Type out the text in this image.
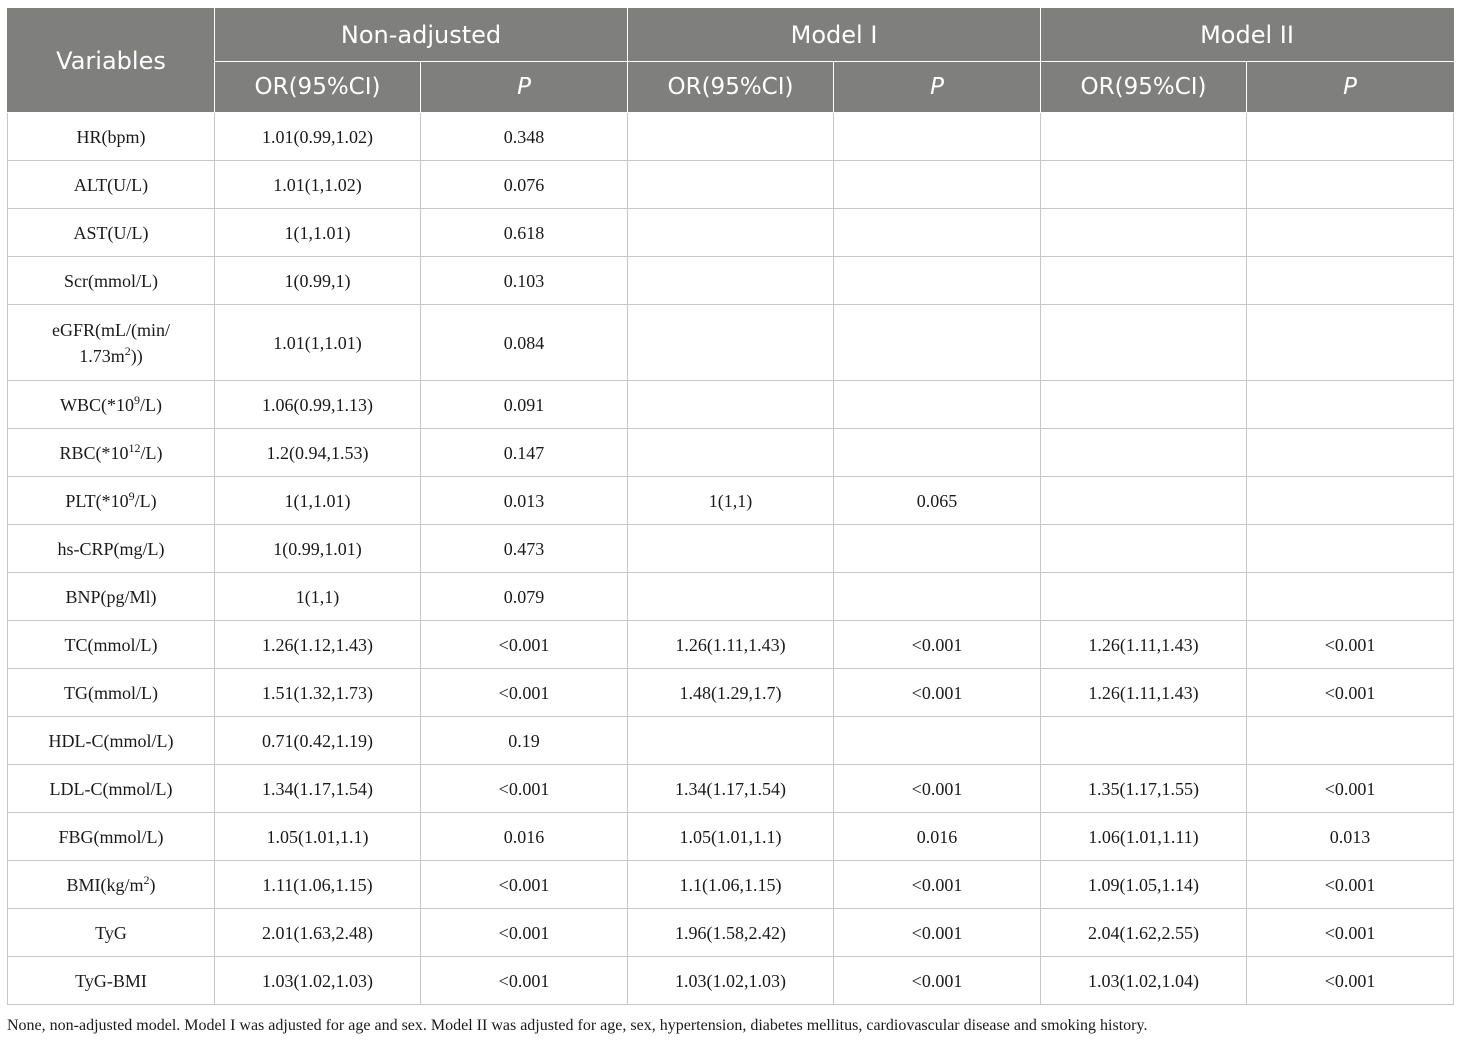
Variables	Non-adjusted		Model I		Model II	
	OR(95%CI)	P	OR(95%CI)	P	OR(95%CI)	P
HR(bpm)	1.01(0.99,1.02)	0.348				
ALT(U/L)	1.01(1,1.02)	0.076				
AST(U/L)	1(1,1.01)	0.618				
Scr(mmol/L)	1(0.99,1)	0.103				
eGFR(mL/(min/
$1.73m^2$))	1.01(1,1.01)	0.084				
$WBC(*10^9/L)$	1.06(0.99,1.13)	0.091				
$RBC(*10^{12}/L)$	1.2(0.94,1.53)	0.147				
$PLT(*10^9/L)$	1(1,1.01)	0.013	1(1,1)	0.065		
hs-CRP(mg/L)	1(0.99,1.01)	0.473				
BNP(pg/Ml)	1(1,1)	0.079				
TC(mmol/L)	1.26(1.12,1.43)	<0.001	1.26(1.11,1.43)	<0.001	1.26(1.11,1.43)	<0.001
TG(mmol/L)	1.51(1.32,1.73)	<0.001	1.48(1.29,1.7)	<0.001	1.26(1.11,1.43)	<0.001
HDL-C(mmol/L)	0.71(0.42,1.19)	0.19				
LDL-C(mmol/L)	1.34(1.17,1.54)	<0.001	1.34(1.17,1.54)	<0.001	1.35(1.17,1.55)	<0.001
FBG(mmol/L)	1.05(1.01,1.1)	0.016	1.05(1.01,1.1)	0.016	1.06(1.01,1.11)	0.013
$BMI(kg/m^2)$	1.11(1.06,1.15)	<0.001	1.1(1.06,1.15)	<0.001	1.09(1.05,1.14)	<0.001
TyG	2.01(1.63,2.48)	<0.001	1.96(1.58,2.42)	<0.001	2.04(1.62,2.55)	<0.001
TyG-BMI	1.03(1.02,1.03)	<0.001	1.03(1.02,1.03)	<0.001	1.03(1.02,1.04)	<0.001
None, non-adjusted model. Model I was adjusted for age and sex. Model II was adjusted for age, sex, hypertension, diabetes mellitus, cardiovascular disease and smoking history.
